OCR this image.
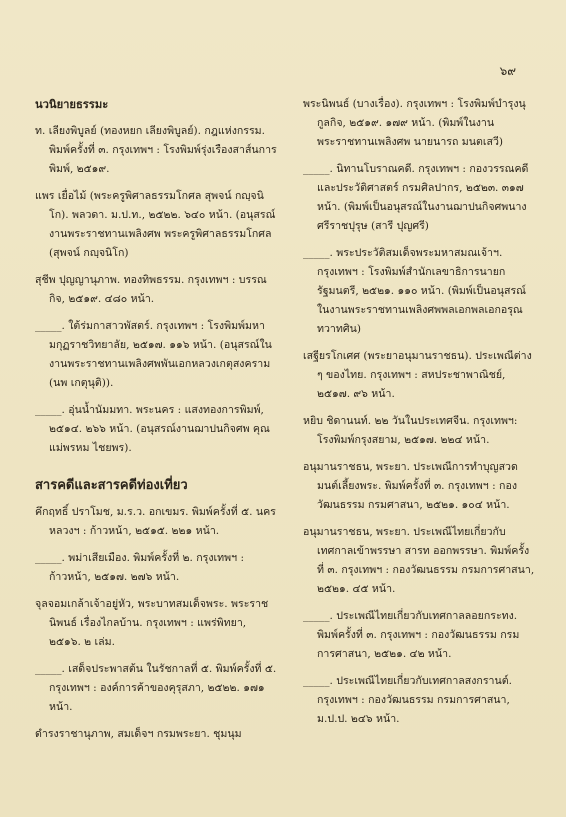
๖๙
นวนิยายธรรมะ
ท. เลียงพิบูลย์ (ทองหยก เลียงพิบูลย์). กฎแห่งกรรม. พิมพ์ครั้งที่ ๓. กรุงเทพฯ : โรงพิมพ์รุ่งเรืองสาส์นการพิมพ์, ๒๕๑๙.
แพร เยื่อไม้ (พระครูพิศาลธรรมโกศล สุพจน์ กญฺจนิโก). พลวดา. ม.ป.ท., ๒๕๒๒. ๖๔๐ หน้า. (อนุสรณ์งานพระราชทานเพลิงศพ พระครูพิศาลธรรมโกศล (สุพจน์ กญฺจนิโก)
สุชีพ ปุญญานุภาพ. ทองทิพธรรม. กรุงเทพฯ : บรรณกิจ, ๒๕๑๙. ๔๘๐ หน้า.
_____. ใต้ร่มกาสาวพัสตร์. กรุงเทพฯ : โรงพิมพ์มหามกุฏราชวิทยาลัย, ๒๕๑๗. ๑๑๖ หน้า. (อนุสรณ์ในงานพระราชทานเพลิงศพพันเอกหลวงเกตุสงคราม (นพ เกตุนุติ)).
_____. อุ่นน้ำนัมมทา. พระนคร : แสงทองการพิมพ์, ๒๕๑๔. ๒๖๖ หน้า. (อนุสรณ์งานฌาปนกิจศพ คุณแม่พรหม ไชยพร).
สารคดีและสารคดีท่องเที่ยว
คึกฤทธิ์ ปราโมช, ม.ร.ว. อกเขมร. พิมพ์ครั้งที่ ๕. นครหลวงฯ : ก้าวหน้า, ๒๕๑๕. ๒๒๑ หน้า.
_____. พม่าเสียเมือง. พิมพ์ครั้งที่ ๒. กรุงเทพฯ : ก้าวหน้า, ๒๕๑๗. ๒๗๖ หน้า.
จุลจอมเกล้าเจ้าอยู่หัว, พระบาทสมเด็จพระ. พระราชนิพนธ์ เรื่องไกลบ้าน. กรุงเทพฯ : แพร่พิทยา, ๒๕๑๖. ๒ เล่ม.
_____. เสด็จประพาสต้น ในรัชกาลที่ ๕. พิมพ์ครั้งที่ ๕. กรุงเทพฯ : องค์การค้าของคุรุสภา, ๒๕๒๒. ๑๗๑ หน้า.
ดำรงราชานุภาพ, สมเด็จฯ กรมพระยา. ชุมนุม
พระนิพนธ์ (บางเรื่อง). กรุงเทพฯ : โรงพิมพ์บำรุงนุกูลกิจ, ๒๕๑๙. ๑๗๙ หน้า. (พิมพ์ในงานพระราชทานเพลิงศพ นายนารถ มนตเสวี)
_____. นิทานโบราณคดี. กรุงเทพฯ : กองวรรณคดีและประวัติศาสตร์ กรมศิลปากร, ๒๕๒๓. ๓๑๗ หน้า. (พิมพ์เป็นอนุสรณ์ในงานฌาปนกิจศพนางศรีราชปุรุษ (สารี ปุญศรี)
_____. พระประวัติสมเด็จพระมหาสมณเจ้าฯ. กรุงเทพฯ : โรงพิมพ์สำนักเลขาธิการนายกรัฐมนตรี, ๒๕๒๑. ๑๑๐ หน้า. (พิมพ์เป็นอนุสรณ์ในงานพระราชทานเพลิงศพพลเอกพลเอกอรุณ ทวาทศิน)
เสฐียรโกเศศ (พระยาอนุมานราชธน). ประเพณีต่าง ๆ ของไทย. กรุงเทพฯ : สหประชาพาณิชย์, ๒๕๑๗. ๙๖ หน้า.
หยิบ ชิดานนท์. ๒๒ วันในประเทศจีน. กรุงเทพฯ: โรงพิมพ์กรุงสยาม, ๒๕๑๗. ๒๒๔ หน้า.
อนุมานราชธน, พระยา. ประเพณีการทำบุญสวดมนต์เลี้ยงพระ. พิมพ์ครั้งที่ ๓. กรุงเทพฯ : กองวัฒนธรรม กรมศาสนา, ๒๕๒๑. ๑๐๔ หน้า.
อนุมานราชธน, พระยา. ประเพณีไทยเกี่ยวกับเทศกาลเข้าพรรษา สารท ออกพรรษา. พิมพ์ครั้งที่ ๓. กรุงเทพฯ : กองวัฒนธรรม กรมการศาสนา, ๒๕๒๑. ๔๕ หน้า.
_____. ประเพณีไทยเกี่ยวกับเทศกาลลอยกระทง. พิมพ์ครั้งที่ ๓. กรุงเทพฯ : กองวัฒนธรรม กรมการศาสนา, ๒๕๒๑. ๔๒ หน้า.
_____. ประเพณีไทยเกี่ยวกับเทศกาลสงกรานต์. กรุงเทพฯ : กองวัฒนธรรม กรมการศาสนา, ม.ป.ป. ๒๔๖ หน้า.
